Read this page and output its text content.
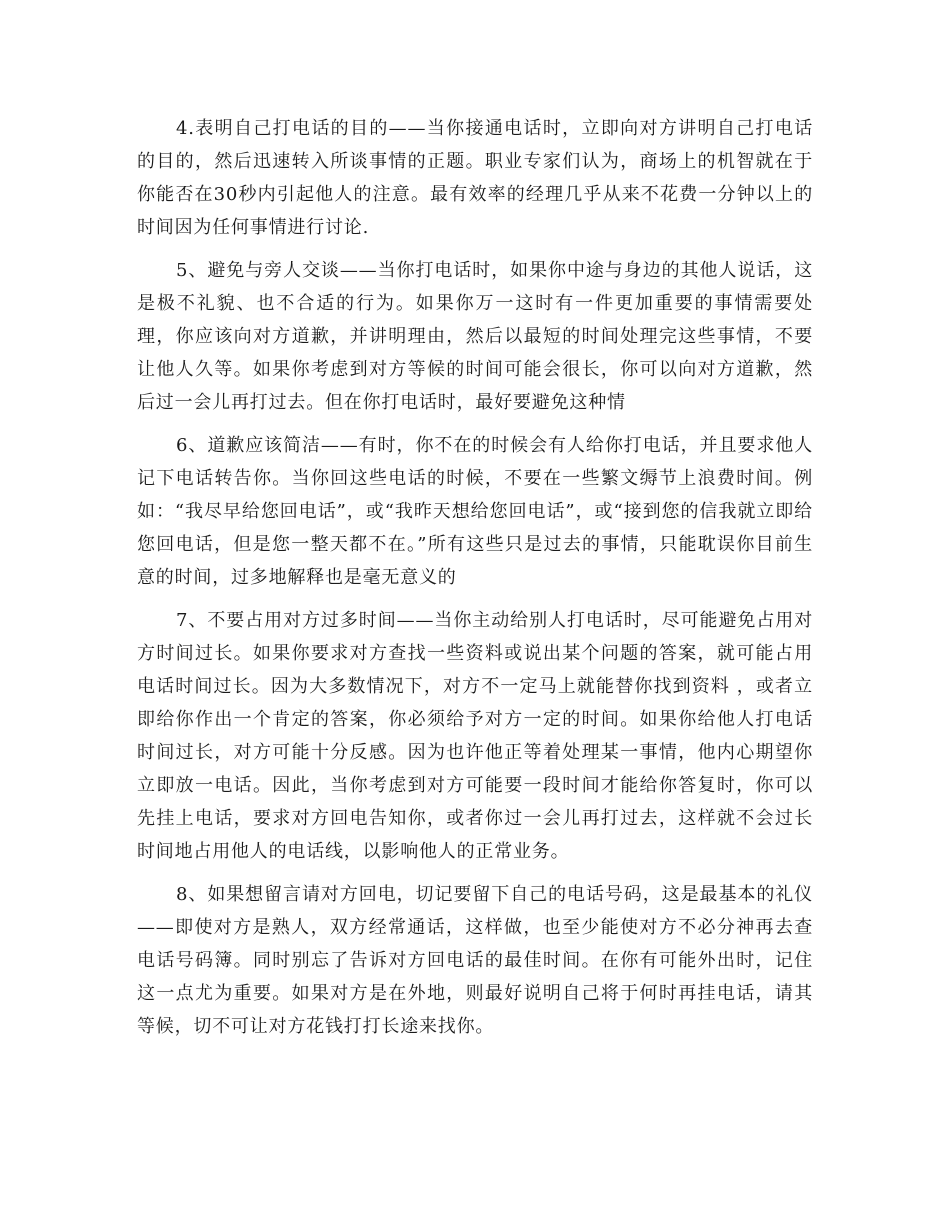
4.表明自己打电话的目的——当你接通电话时，立即向对方讲明自己打电话的目的，然后迅速转入所谈事情的正题。职业专家们认为，商场上的机智就在于你能否在30秒内引起他人的注意。最有效率的经理几乎从来不花费一分钟以上的时间因为任何事情进行讨论.

5、避免与旁人交谈——当你打电话时，如果你中途与身边的其他人说话，这是极不礼貌、也不合适的行为。如果你万一这时有一件更加重要的事情需要处理，你应该向对方道歉，并讲明理由，然后以最短的时间处理完这些事情，不要让他人久等。如果你考虑到对方等候的时间可能会很长，你可以向对方道歉，然后过一会儿再打过去。但在你打电话时，最好要避免这种情

6、道歉应该简洁——有时，你不在的时候会有人给你打电话，并且要求他人记下电话转告你。当你回这些电话的时候，不要在一些繁文缛节上浪费时间。例如：“我尽早给您回电话”，或“我昨天想给您回电话”，或“接到您的信我就立即给您回电话，但是您一整天都不在。”所有这些只是过去的事情，只能耽误你目前生意的时间，过多地解释也是毫无意义的

7、不要占用对方过多时间——当你主动给别人打电话时，尽可能避免占用对方时间过长。如果你要求对方查找一些资料或说出某个问题的答案，就可能占用电话时间过长。因为大多数情况下，对方不一定马上就能替你找到资料 ，或者立即给你作出一个肯定的答案，你必须给予对方一定的时间。如果你给他人打电话时间过长，对方可能十分反感。因为也许他正等着处理某一事情，他内心期望你立即放一电话。因此，当你考虑到对方可能要一段时间才能给你答复时，你可以先挂上电话，要求对方回电告知你，或者你过一会儿再打过去，这样就不会过长时间地占用他人的电话线，以影响他人的正常业务。

8、如果想留言请对方回电，切记要留下自己的电话号码，这是最基本的礼仪——即使对方是熟人，双方经常通话，这样做，也至少能使对方不必分神再去查电话号码簿。同时别忘了告诉对方回电话的最佳时间。在你有可能外出时，记住这一点尤为重要。如果对方是在外地，则最好说明自己将于何时再挂电话，请其等候，切不可让对方花钱打打长途来找你。
